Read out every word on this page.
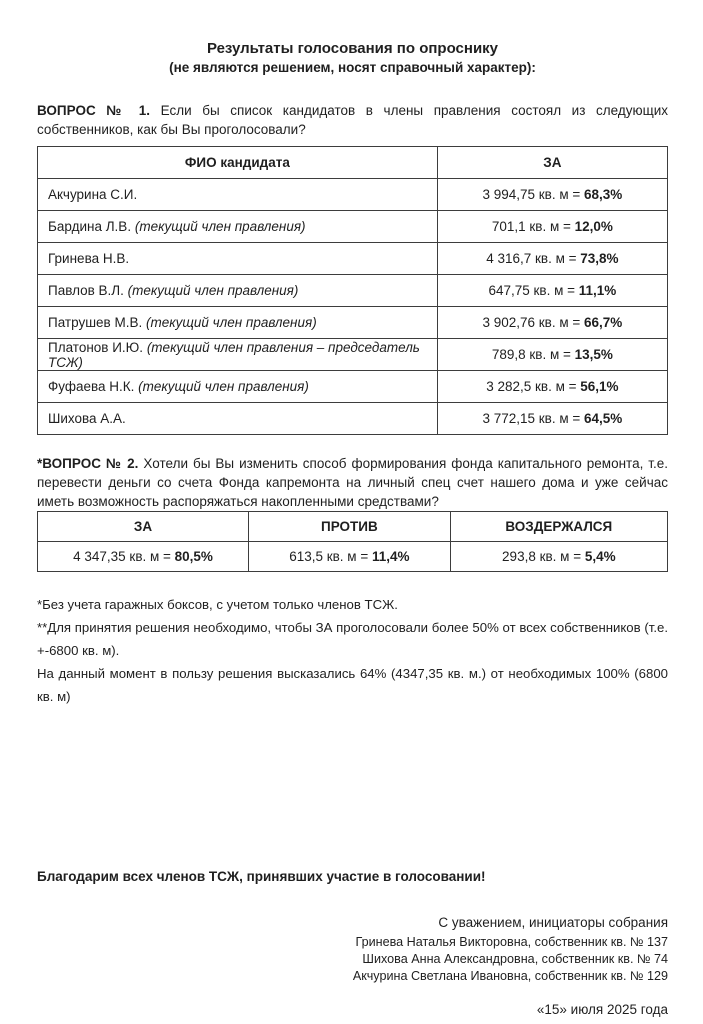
Результаты голосования по опроснику
(не являются решением, носят справочный характер):

ВОПРОС № 1. Если бы список кандидатов в члены правления состоял из следующих собственников, как бы Вы проголосовали?

ФИО кандидата	ЗА
Акчурина С.И.	3 994,75 кв. м = 68,3%
Бардина Л.В. (текущий член правления)	701,1 кв. м = 12,0%
Гринева Н.В.	4 316,7 кв. м = 73,8%
Павлов В.Л. (текущий член правления)	647,75 кв. м = 11,1%
Патрушев М.В. (текущий член правления)	3 902,76 кв. м = 66,7%
Платонов И.Ю. (текущий член правления – председатель ТСЖ)	789,8 кв. м = 13,5%
Фуфаева Н.К. (текущий член правления)	3 282,5 кв. м = 56,1%
Шихова А.А.	3 772,15 кв. м = 64,5%

*ВОПРОС № 2. Хотели бы Вы изменить способ формирования фонда капитального ремонта, т.е. перевести деньги со счета Фонда капремонта на личный спец счет нашего дома и уже сейчас иметь возможность распоряжаться накопленными средствами?

ЗА	ПРОТИВ	ВОЗДЕРЖАЛСЯ
4 347,35 кв. м = 80,5%	613,5 кв. м = 11,4%	293,8 кв. м = 5,4%
*Без учета гаражных боксов, с учетом только членов ТСЖ.
**Для принятия решения необходимо, чтобы ЗА проголосовали более 50% от всех собственников (т.е. +-6800 кв. м).
На данный момент в пользу решения высказались 64% (4347,35 кв. м.) от необходимых 100% (6800 кв. м)
Благодарим всех членов ТСЖ, принявших участие в голосовании!
С уважением, инициаторы собрания
Гринева Наталья Викторовна, собственник кв. № 137
Шихова Анна Александровна, собственник кв. № 74
Акчурина Светлана Ивановна, собственник кв. № 129
«15» июля 2025 года
